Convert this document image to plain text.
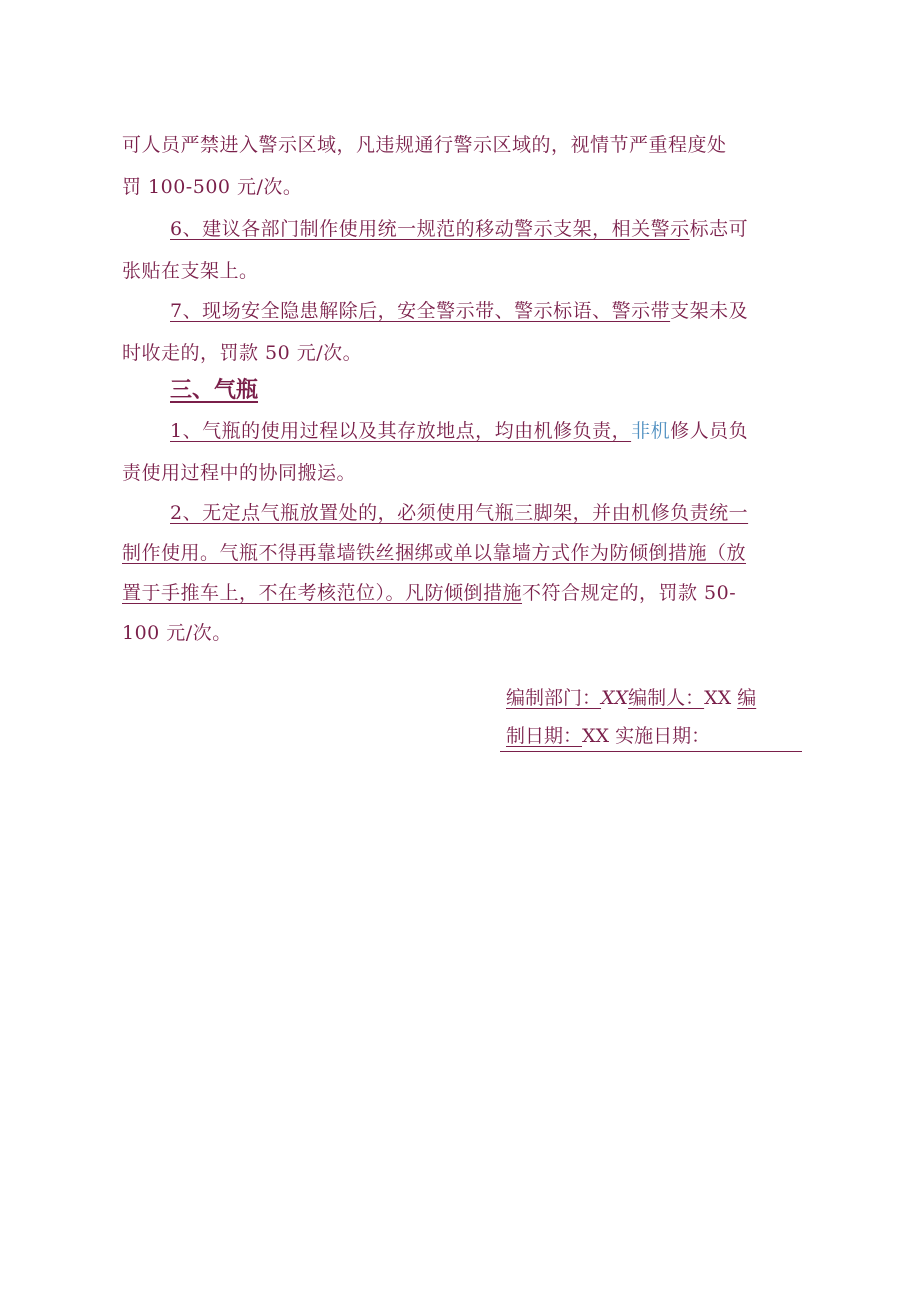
可人员严禁进入警示区域，凡违规通行警示区域的，视情节严重程度处
罚 100-500 元/次。
6、建议各部门制作使用统一规范的移动警示支架，相关警示标志可
张贴在支架上。
7、现场安全隐患解除后，安全警示带、警示标语、警示带支架未及
时收走的，罚款 50 元/次。
三、气瓶
1、气瓶的使用过程以及其存放地点，均由机修负责，非机修人员负
责使用过程中的协同搬运。
2、无定点气瓶放置处的，必须使用气瓶三脚架，并由机修负责统一
制作使用。气瓶不得再靠墙铁丝捆绑或单以靠墙方式作为防倾倒措施（放
置于手推车上，不在考核范位）。凡防倾倒措施不符合规定的，罚款 50-
100 元/次。
编制部门：XX编制人：XX 编
制日期：XX 实施日期：
